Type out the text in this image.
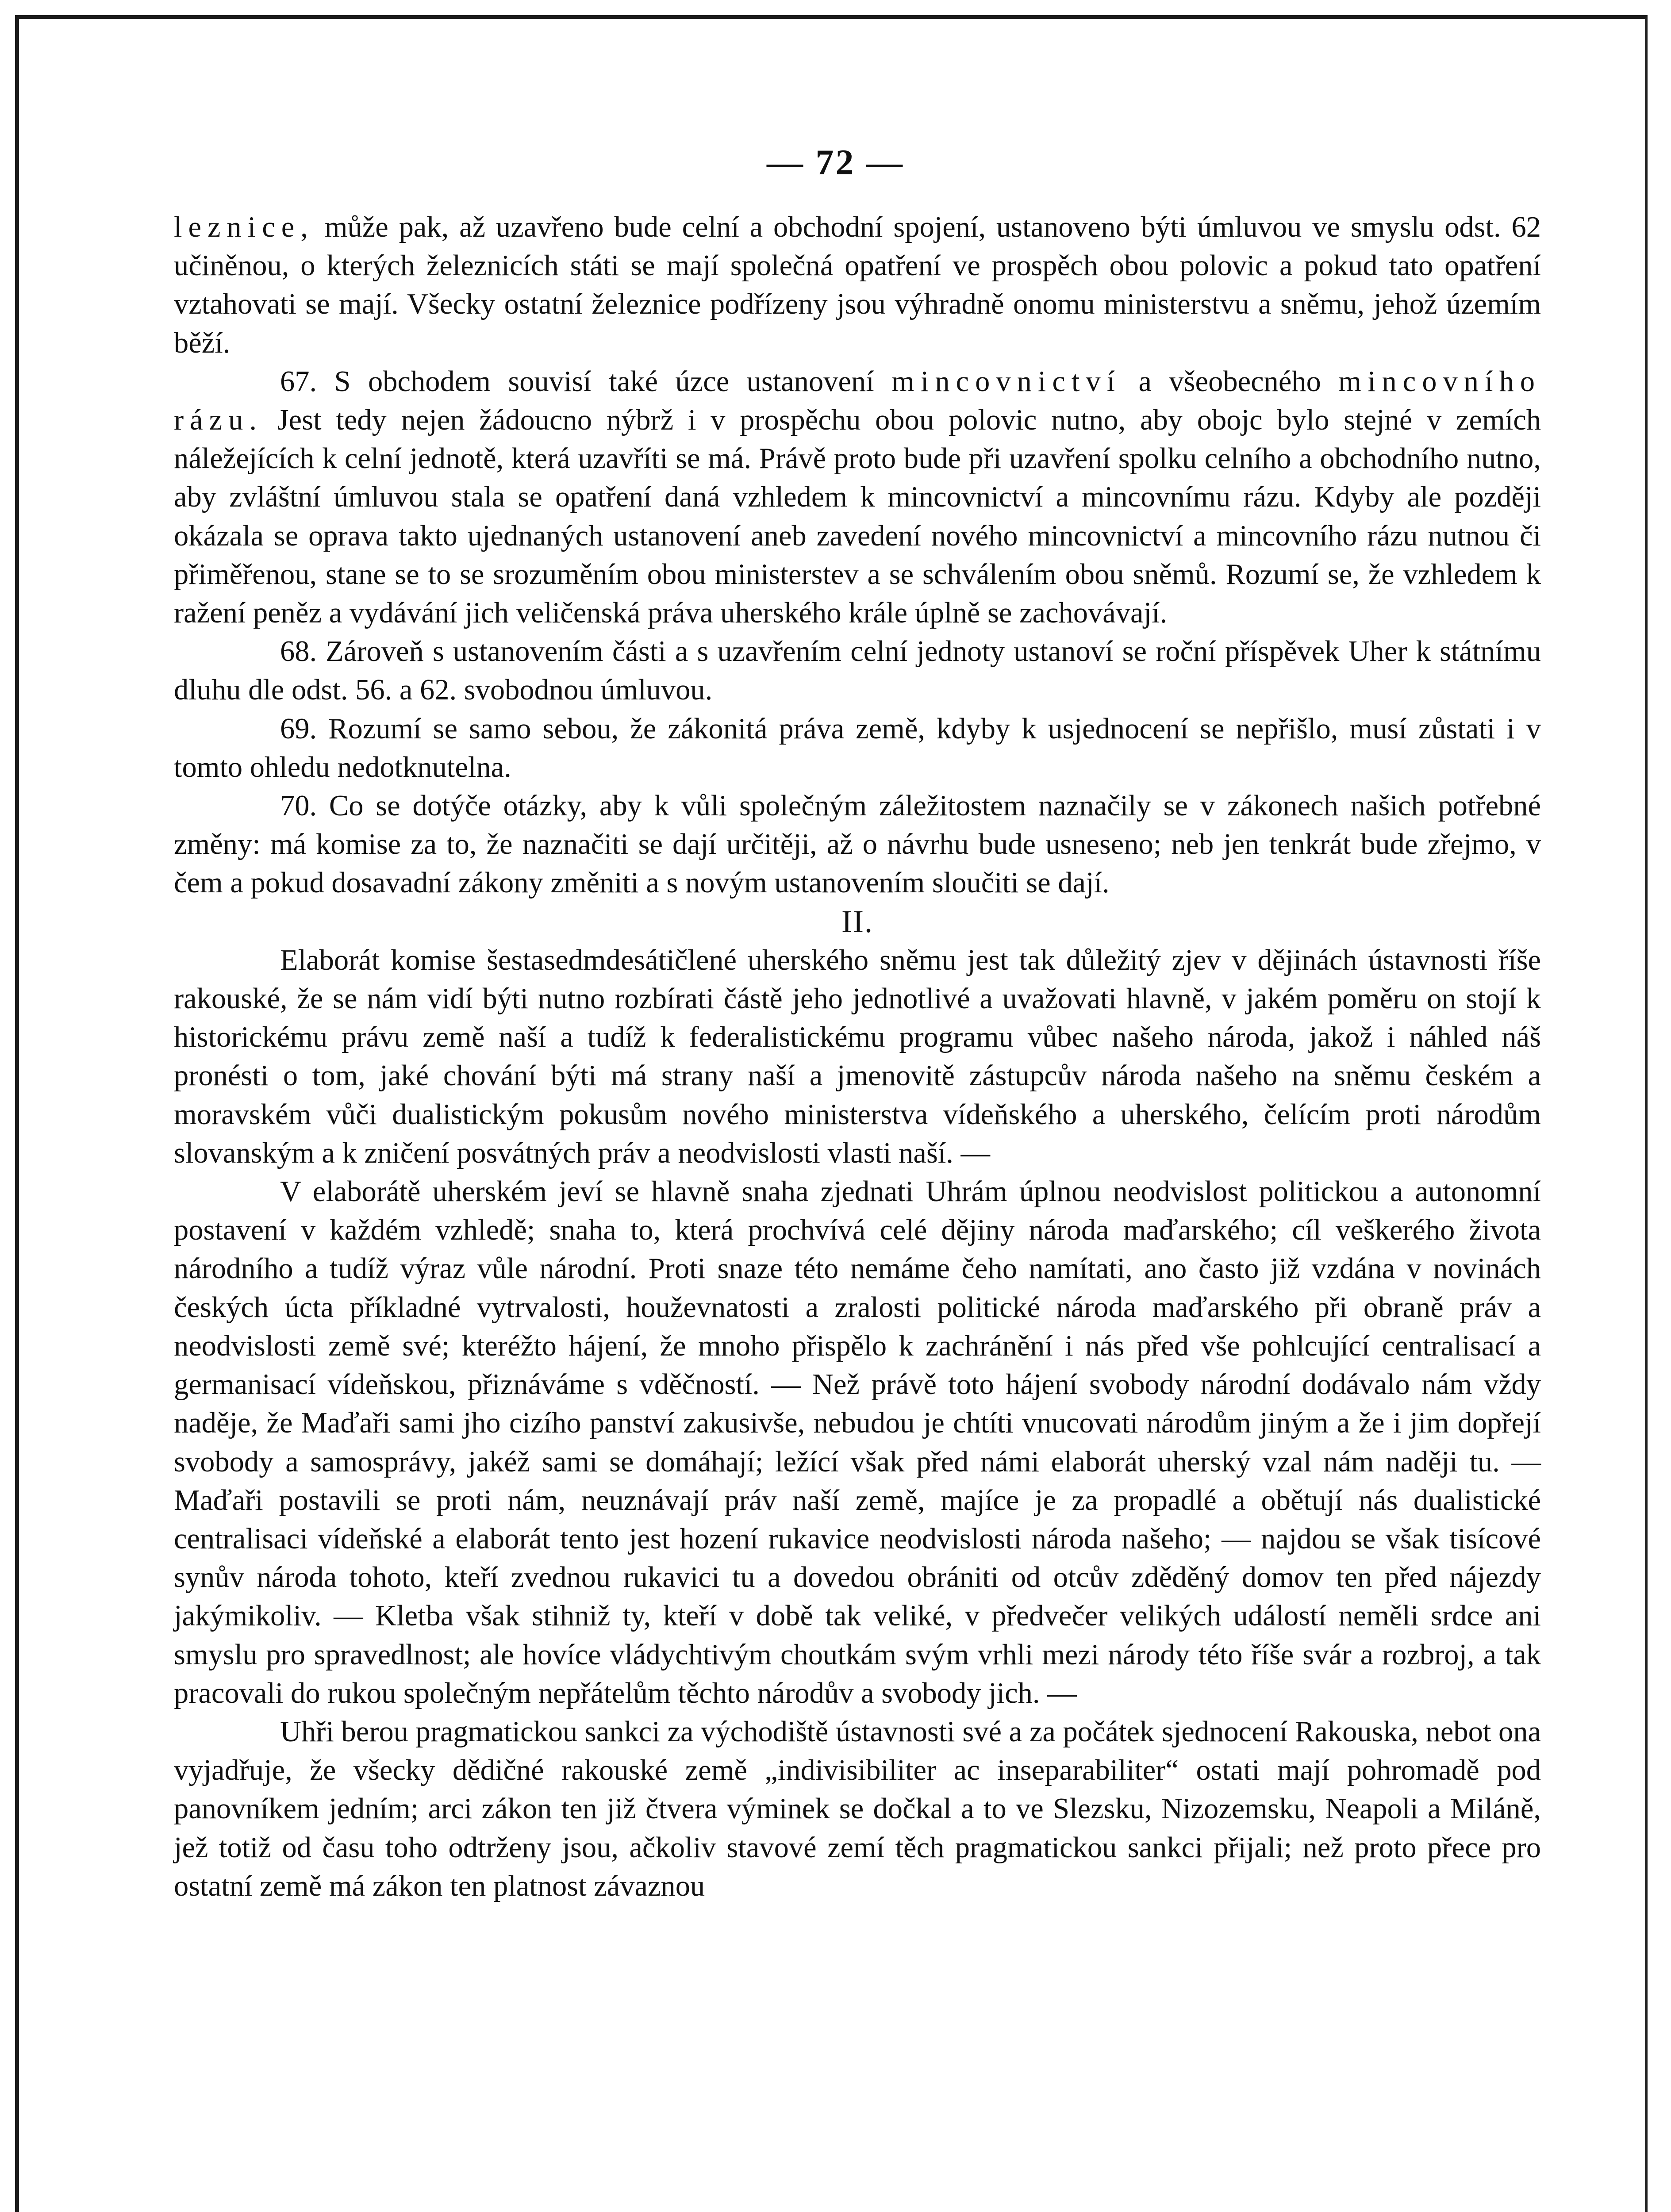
— 72 —

leznice, může pak, až uzavřeno bude celní a obchodní spojení, ustanoveno býti úmluvou ve smyslu odst. 62 učiněnou, o kterých železnicích státi se mají společná opatření ve prospěch obou polovic a pokud tato opatření vztahovati se mají. Všecky ostatní železnice podřízeny jsou výhradně onomu ministerstvu a sněmu, jehož územím běží.

67. S obchodem souvisí také úzce ustanovení mincovnictví a všeobecného mincovního rázu. Jest tedy nejen žádoucno nýbrž i v prospěchu obou polovic nutno, aby obojc bylo stejné v zemích náležejících k celní jednotě, která uzavříti se má. Právě proto bude při uzavření spolku celního a obchodního nutno, aby zvláštní úmluvou stala se opatření daná vzhledem k mincovnictví a mincovnímu rázu. Kdyby ale později okázala se oprava takto ujednaných ustanovení aneb zavedení nového mincovnictví a mincovního rázu nutnou či přiměřenou, stane se to se srozuměním obou ministerstev a se schválením obou sněmů. Rozumí se, že vzhledem k ražení peněz a vydávání jich veličenská práva uherského krále úplně se zachovávají.

68. Zároveň s ustanovením části a s uzavřením celní jednoty ustanoví se roční příspěvek Uher k státnímu dluhu dle odst. 56. a 62. svobodnou úmluvou.

69. Rozumí se samo sebou, že zákonitá práva země, kdyby k usjednocení se nepřišlo, musí zůstati i v tomto ohledu nedotknutelna.

70. Co se dotýče otázky, aby k vůli společným záležitostem naznačily se v zákonech našich potřebné změny: má komise za to, že naznačiti se dají určitěji, až o návrhu bude usneseno; neb jen tenkrát bude zřejmo, v čem a pokud dosavadní zákony změniti a s novým ustanovením sloučiti se dají.

II.

Elaborát komise šestasedmdesátičlené uherského sněmu jest tak důležitý zjev v dějinách ústavnosti říše rakouské, že se nám vidí býti nutno rozbírati částě jeho jednotlivé a uvažovati hlavně, v jakém poměru on stojí k historickému právu země naší a tudíž k federalistickému programu vůbec našeho národa, jakož i náhled náš pronésti o tom, jaké chování býti má strany naší a jmenovitě zástupcův národa našeho na sněmu českém a moravském vůči dualistickým pokusům nového ministerstva vídeňského a uherského, čelícím proti národům slovanským a k zničení posvátných práv a neodvislosti vlasti naší. —

V elaborátě uherském jeví se hlavně snaha zjednati Uhrám úplnou neodvislost politickou a autonomní postavení v každém vzhledě; snaha to, která prochvívá celé dějiny národa maďarského; cíl veškerého života národního a tudíž výraz vůle národní. Proti snaze této nemáme čeho namítati, ano často již vzdána v novinách českých úcta příkladné vytrvalosti, houževnatosti a zralosti politické národa maďarského při obraně práv a neodvislosti země své; kteréžto hájení, že mnoho přispělo k zachránění i nás před vše pohlcující centralisací a germanisací vídeňskou, přiznáváme s vděčností. — Než právě toto hájení svobody národní dodávalo nám vždy naděje, že Maďaři sami jho cizího panství zakusivše, nebudou je chtíti vnucovati národům jiným a že i jim dopřejí svobody a samosprávy, jakéž sami se domáhají; ležící však před námi elaborát uherský vzal nám naději tu. — Maďaři postavili se proti nám, neuznávají práv naší země, majíce je za propadlé a obětují nás dualistické centralisaci vídeňské a elaborát tento jest hození rukavice neodvislosti národa našeho; — najdou se však tisícové synův národa tohoto, kteří zvednou rukavici tu a dovedou obrániti od otcův zděděný domov ten před nájezdy jakýmikoliv. — Kletba však stihniž ty, kteří v době tak veliké, v předvečer velikých událostí neměli srdce ani smyslu pro spravedlnost; ale hovíce vládychtivým choutkám svým vrhli mezi národy této říše svár a rozbroj, a tak pracovali do rukou společným nepřátelům těchto národův a svobody jich. —

Uhři berou pragmatickou sankci za východiště ústavnosti své a za počátek sjednocení Rakouska, nebot ona vyjadřuje, že všecky dědičné rakouské země „indivisibiliter ac inseparabiliter“ ostati mají pohromadě pod panovníkem jedním; arci zákon ten již čtvera výminek se dočkal a to ve Slezsku, Nizozemsku, Neapoli a Miláně, jež totiž od času toho odtrženy jsou, ačkoliv stavové zemí těch pragmatickou sankci přijali; než proto přece pro ostatní země má zákon ten platnost závaznou
